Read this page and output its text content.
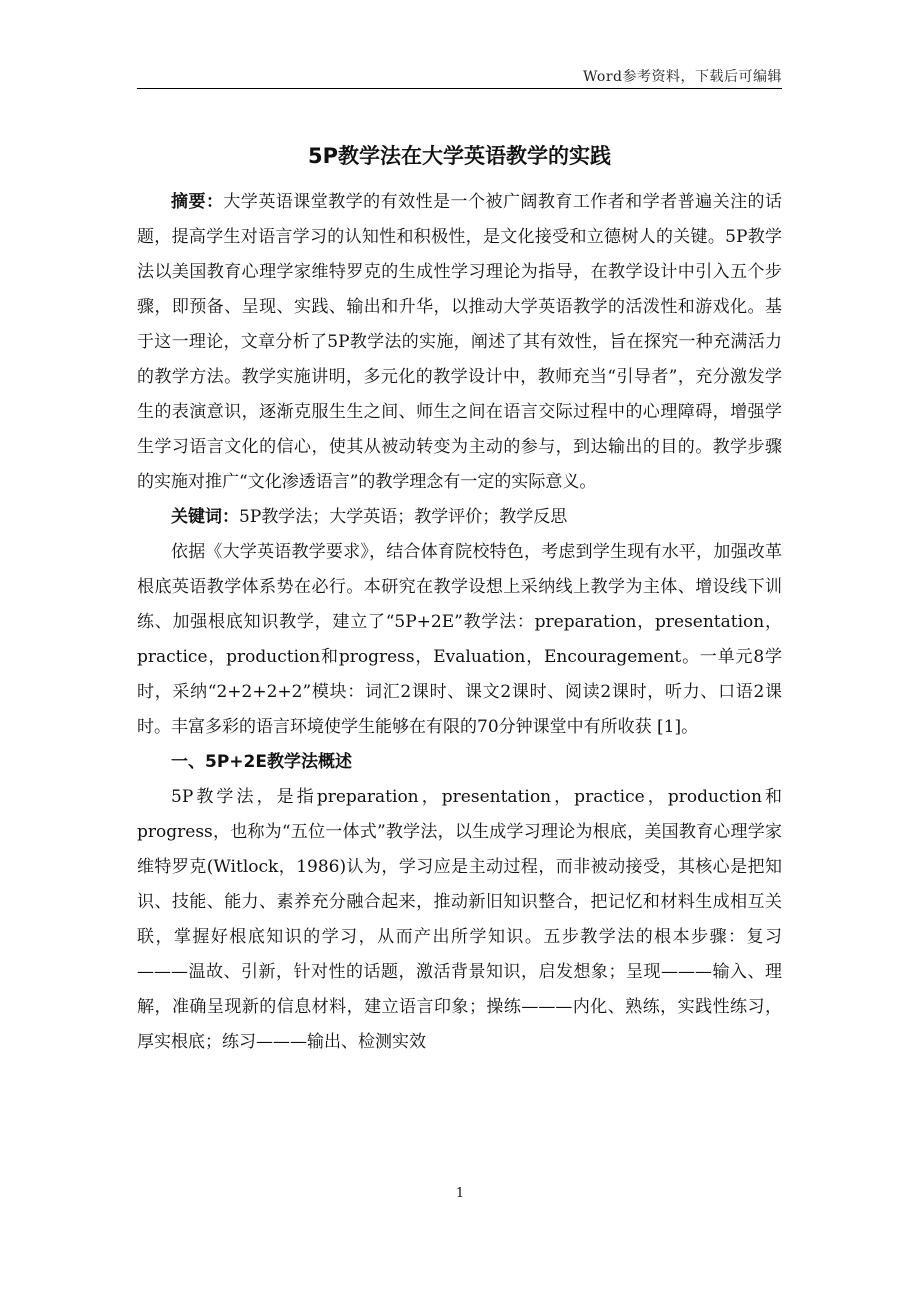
Word参考资料，下载后可编辑
5P教学法在大学英语教学的实践

摘要：大学英语课堂教学的有效性是一个被广阔教育工作者和学者普遍关注的话题，提高学生对语言学习的认知性和积极性，是文化接受和立德树人的关键。5P教学法以美国教育心理学家维特罗克的生成性学习理论为指导，在教学设计中引入五个步骤，即预备、呈现、实践、输出和升华，以推动大学英语教学的活泼性和游戏化。基于这一理论，文章分析了5P教学法的实施，阐述了其有效性，旨在探究一种充满活力的教学方法。教学实施讲明，多元化的教学设计中，教师充当“引导者”，充分激发学生的表演意识，逐渐克服生生之间、师生之间在语言交际过程中的心理障碍，增强学生学习语言文化的信心，使其从被动转变为主动的参与，到达输出的目的。教学步骤的实施对推广“文化渗透语言”的教学理念有一定的实际意义。

关键词：5P教学法；大学英语；教学评价；教学反思

依据《大学英语教学要求》，结合体育院校特色，考虑到学生现有水平，加强改革根底英语教学体系势在必行。本研究在教学设想上采纳线上教学为主体、增设线下训练、加强根底知识教学，建立了“5P+2E”教学法：preparation，presentation，practice，production和progress，Evaluation，Encouragement。一单元8学时，采纳“2+2+2+2”模块：词汇2课时、课文2课时、阅读2课时，听力、口语2课时。丰富多彩的语言环境使学生能够在有限的70分钟课堂中有所收获 [1]。

一、5P+2E教学法概述

5P教学法，是指preparation，presentation，practice，production和progress，也称为“五位一体式”教学法，以生成学习理论为根底，美国教育心理学家维特罗克(Witlock，1986)认为，学习应是主动过程，而非被动接受，其核心是把知识、技能、能力、素养充分融合起来，推动新旧知识整合，把记忆和材料生成相互关联，掌握好根底知识的学习，从而产出所学知识。五步教学法的根本步骤：复习———温故、引新，针对性的话题，激活背景知识，启发想象；呈现———输入、理解，准确呈现新的信息材料，建立语言印象；操练———内化、熟练，实践性练习，厚实根底；练习———输出、检测实效

1
